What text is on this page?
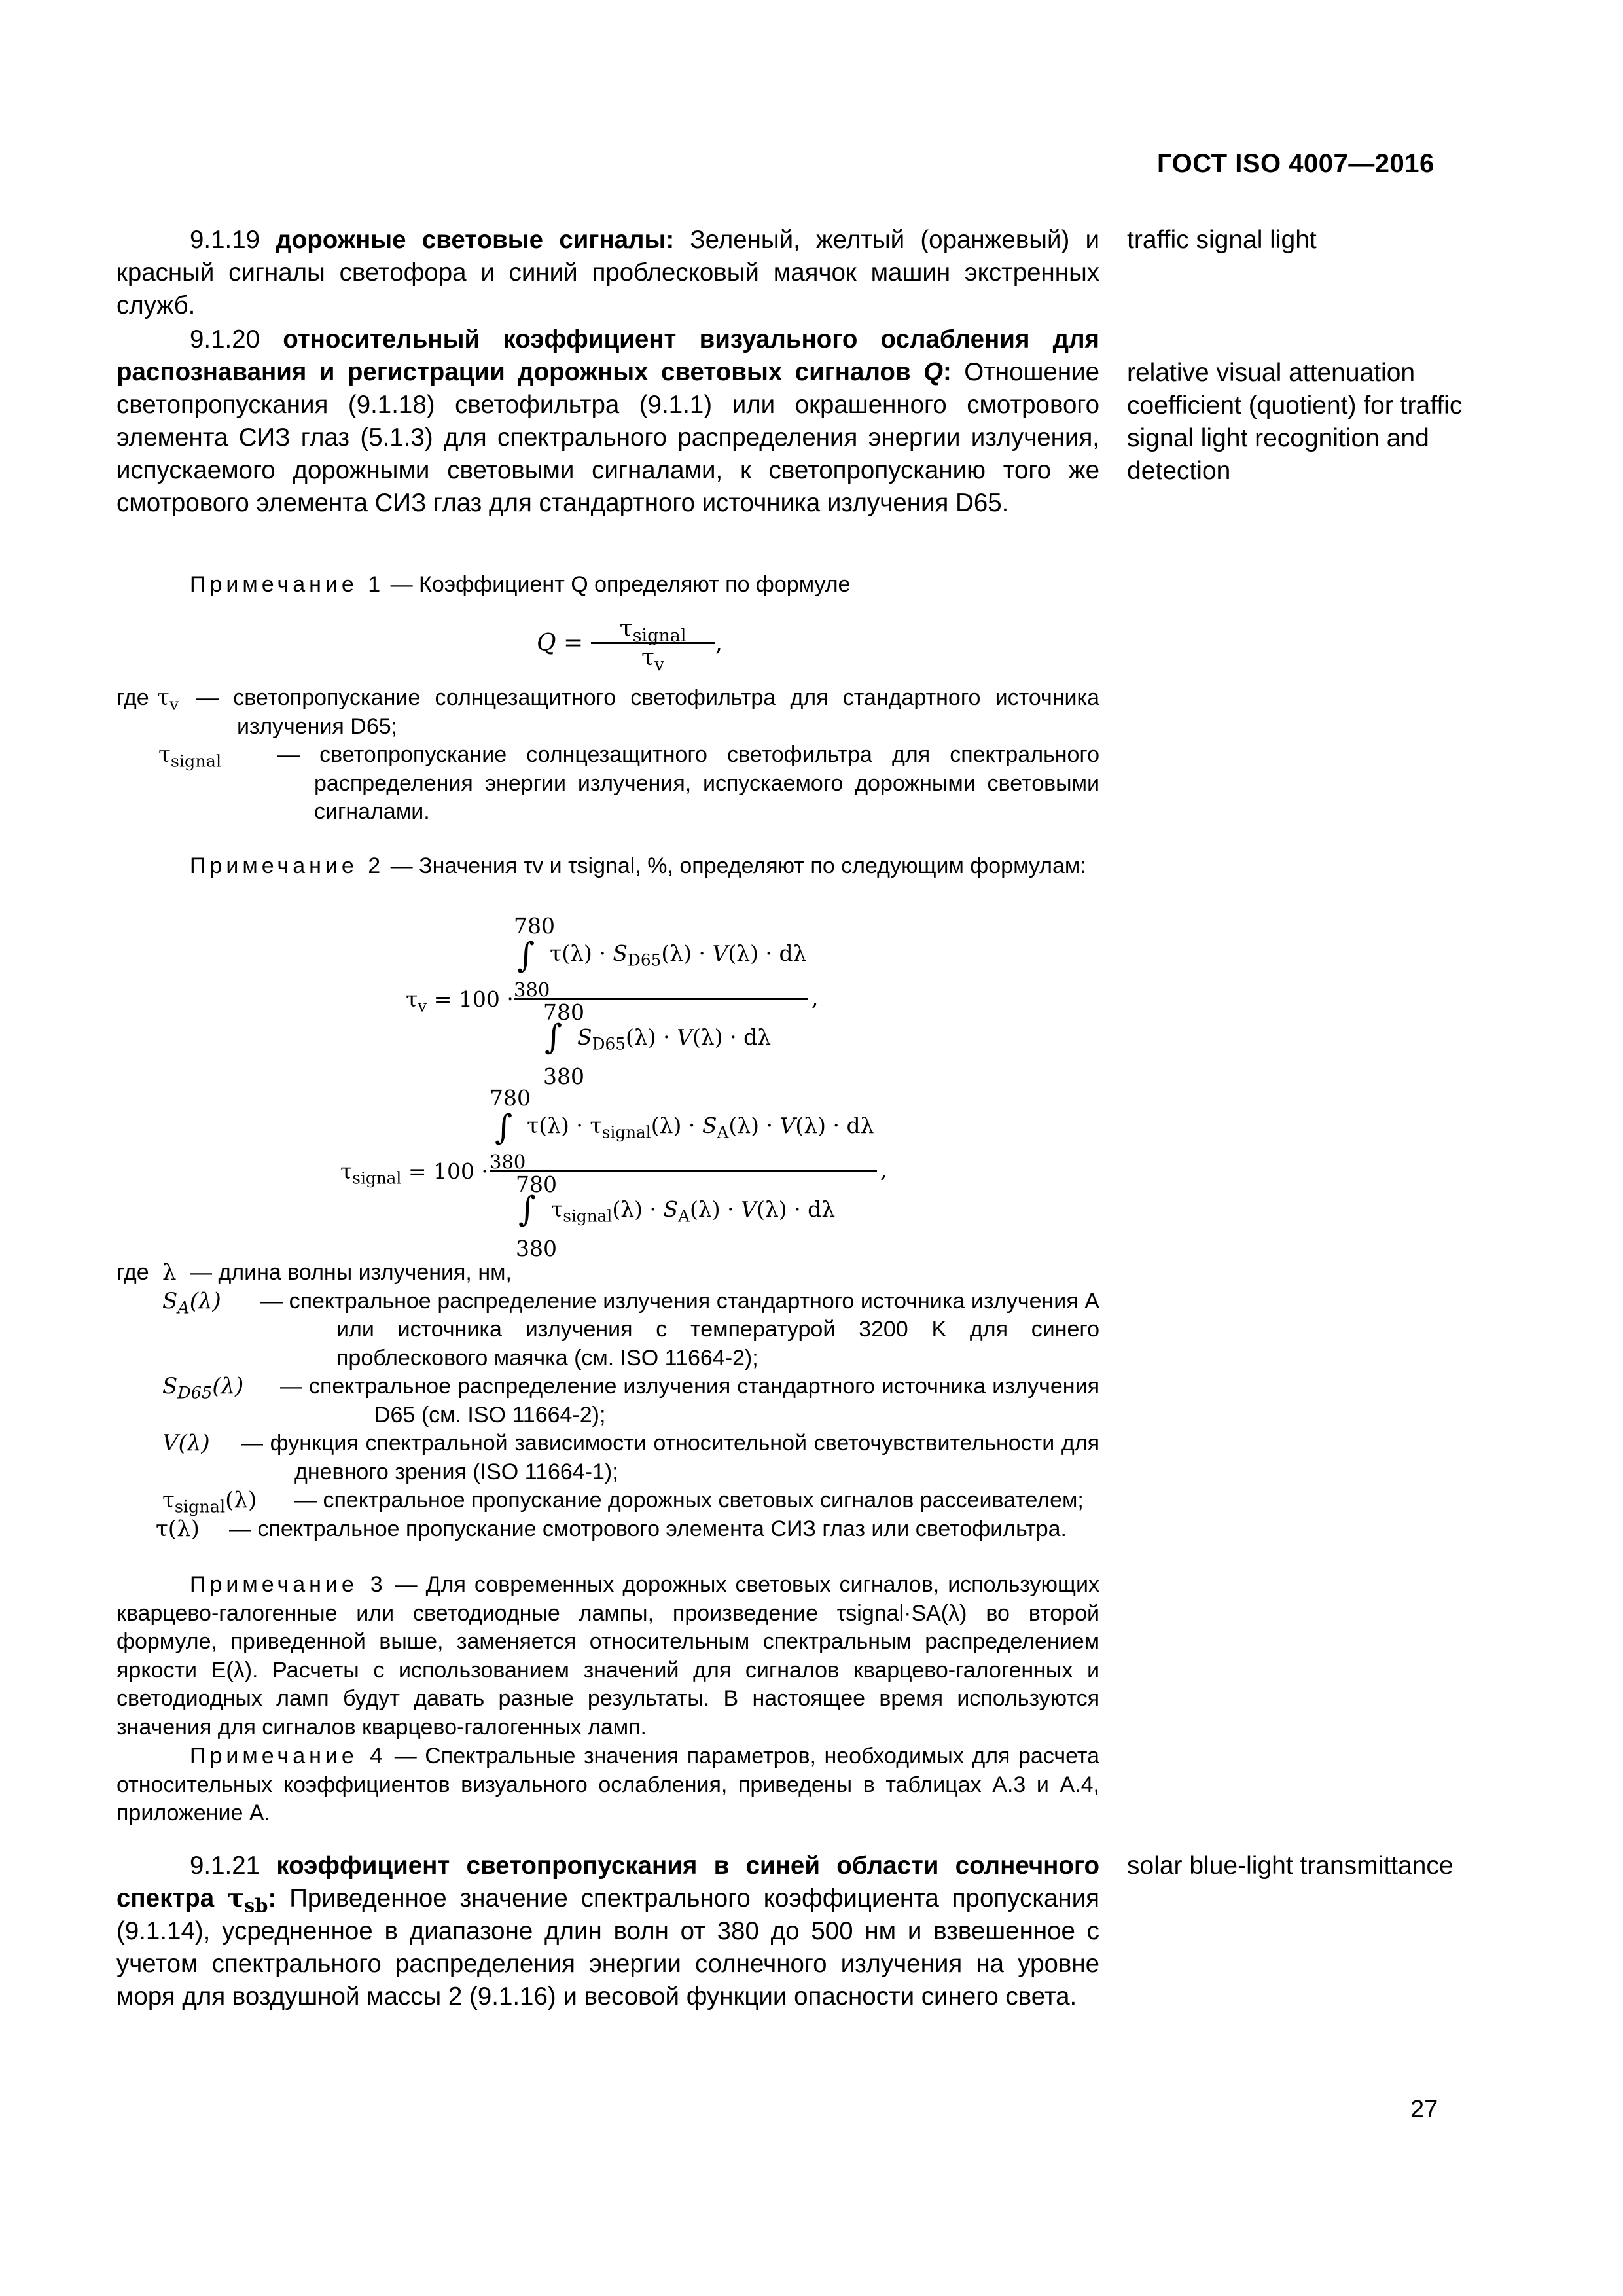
ГОСТ ISO 4007—2016

9.1.19 дорожные световые сигналы: Зеленый, желтый (оранжевый) и красный сигналы светофора и синий проблесковый маячок машин экстренных служб.

traffic signal light

9.1.20 относительный коэффициент визуального ослабления для распознавания и регистрации дорожных световых сигналов Q: Отношение светопропускания (9.1.18) светофильтра (9.1.1) или окрашенного смотрового элемента СИЗ глаз (5.1.3) для спектрального распределения энергии излучения, испускаемого дорожными световыми сигналами, к светопропусканию того же смотрового элемента СИЗ глаз для стандартного источника излучения D65.

relative visual attenuation coefficient (quotient) for traffic signal light recognition and detection

Примечание 1 — Коэффициент Q определяют по формуле

Q =
$\tau_{signal}$
$\tau_v$
,
где $\tau_v$ — светопропускание солнцезащитного светофильтра для стандартного источника излучения D65;
$\tau_{signal}$	— светопропускание солнцезащитного светофильтра для спектрального распределения энергии излучения, испускаемого дорожными световыми сигналами.

Примечание 2 — Значения τv и τsignal, %, определяют по следующим формулам:

780
∫ $\tau(\lambda) \cdot S_{D65}(\lambda) \cdot V(\lambda) \cdot d\lambda$
380
$\tau_v = 100$ ·	,
780
∫ $S_{D65}(\lambda) \cdot V(\lambda) \cdot d\lambda$
380
780
∫ $\tau(\lambda) \cdot \tau_{signal}(\lambda) \cdot S_A(\lambda) \cdot V(\lambda) \cdot d\lambda$
380
$\tau_{signal} = 100$ ·	,
780
∫ $\tau_{signal}(\lambda) \cdot S_A(\lambda) \cdot V(\lambda) \cdot d\lambda$
380
где λ — длина волны излучения, нм,
$S_A(\lambda)$	— спектральное распределение излучения стандартного источника излучения A или источника излучения с температурой 3200 K для синего проблескового маячка (см. ISO 11664-2);
$S_{D65}(\lambda)$	— спектральное распределение излучения стандартного источника излучения D65 (см. ISO 11664-2);
V(λ)	— функция спектральной зависимости относительной светочувствительности для дневного зрения (ISO 11664-1);
$\tau_{signal}(\lambda)$	— спектральное пропускание дорожных световых сигналов рассеивателем;
τ(λ)	— спектральное пропускание смотрового элемента СИЗ глаз или светофильтра.

Примечание 3 — Для современных дорожных световых сигналов, использующих кварцево-галогенные или светодиодные лампы, произведение τsignal·SA(λ) во второй формуле, приведенной выше, заменяется относительным спектральным распределением яркости E(λ). Расчеты с использованием значений для сигналов кварцево-галогенных и светодиодных ламп будут давать разные результаты. В настоящее время используются значения для сигналов кварцево-галогенных ламп.

Примечание 4 — Спектральные значения параметров, необходимых для расчета относительных коэффициентов визуального ослабления, приведены в таблицах A.3 и A.4, приложение A.

9.1.21 коэффициент светопропускания в синей области солнечного спектра $\tau_{sb}$: Приведенное значение спектрального коэффициента пропускания (9.1.14), усредненное в диапазоне длин волн от 380 до 500 нм и взвешенное с учетом спектрального распределения энергии солнечного излучения на уровне моря для воздушной массы 2 (9.1.16) и весовой функции опасности синего света.

solar blue-light transmittance
27
